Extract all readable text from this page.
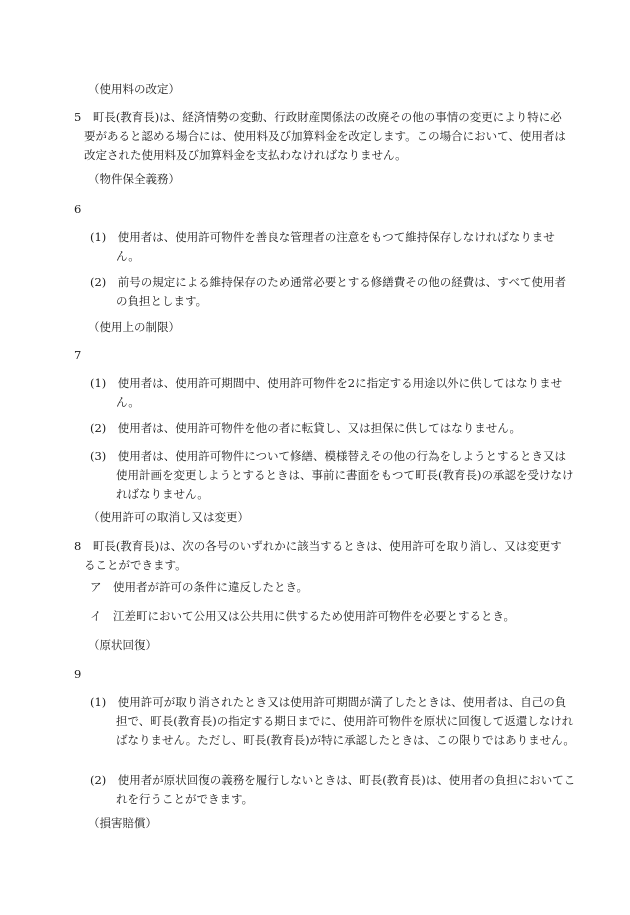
（使用料の改定）

5　町長(教育長)は、経済情勢の変動、行政財産関係法の改廃その他の事情の変更により特に必要があると認める場合には、使用料及び加算料金を改定します。この場合において、使用者は改定された使用料及び加算料金を支払わなければなりません。

（物件保全義務）

6

(1)　使用者は、使用許可物件を善良な管理者の注意をもつて維持保存しなければなりません。

(2)　前号の規定による維持保存のため通常必要とする修繕費その他の経費は、すべて使用者の負担とします。

（使用上の制限）

7

(1)　使用者は、使用許可期間中、使用許可物件を2に指定する用途以外に供してはなりません。

(2)　使用者は、使用許可物件を他の者に転貸し、又は担保に供してはなりません。

(3)　使用者は、使用許可物件について修繕、模様替えその他の行為をしようとするとき又は使用計画を変更しようとするときは、事前に書面をもつて町長(教育長)の承認を受けなければなりません。

（使用許可の取消し又は変更）

8　町長(教育長)は、次の各号のいずれかに該当するときは、使用許可を取り消し、又は変更することができます。

ア　使用者が許可の条件に違反したとき。

イ　江差町において公用又は公共用に供するため使用許可物件を必要とするとき。

（原状回復）

9

(1)　使用許可が取り消されたとき又は使用許可期間が満了したときは、使用者は、自己の負担で、町長(教育長)の指定する期日までに、使用許可物件を原状に回復して返還しなければなりません。ただし、町長(教育長)が特に承認したときは、この限りではありません。

(2)　使用者が原状回復の義務を履行しないときは、町長(教育長)は、使用者の負担においてこれを行うことができます。

（損害賠償）
